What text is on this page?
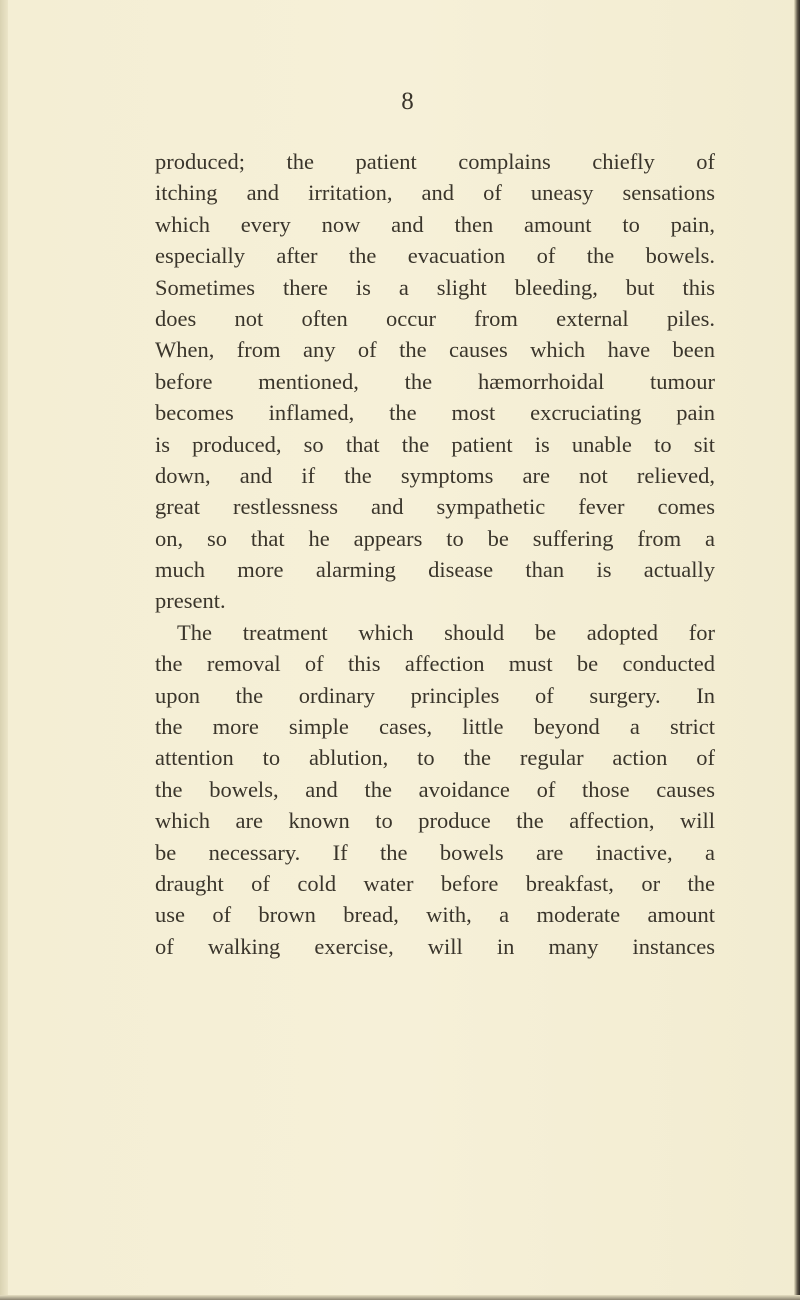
8
produced; the patient complains chiefly of
itching and irritation, and of uneasy sensations
which every now and then amount to pain,
especially after the evacuation of the bowels.
Sometimes there is a slight bleeding, but this
does not often occur from external piles.
When, from any of the causes which have been
before mentioned, the hæmorrhoidal tumour
becomes inflamed, the most excruciating pain
is produced, so that the patient is unable to sit
down, and if the symptoms are not relieved,
great restlessness and sympathetic fever comes
on, so that he appears to be suffering from a
much more alarming disease than is actually
present.
The treatment which should be adopted for
the removal of this affection must be conducted
upon the ordinary principles of surgery. In
the more simple cases, little beyond a strict
attention to ablution, to the regular action of
the bowels, and the avoidance of those causes
which are known to produce the affection, will
be necessary. If the bowels are inactive, a
draught of cold water before breakfast, or the
use of brown bread, with, a moderate amount
of walking exercise, will in many instances
